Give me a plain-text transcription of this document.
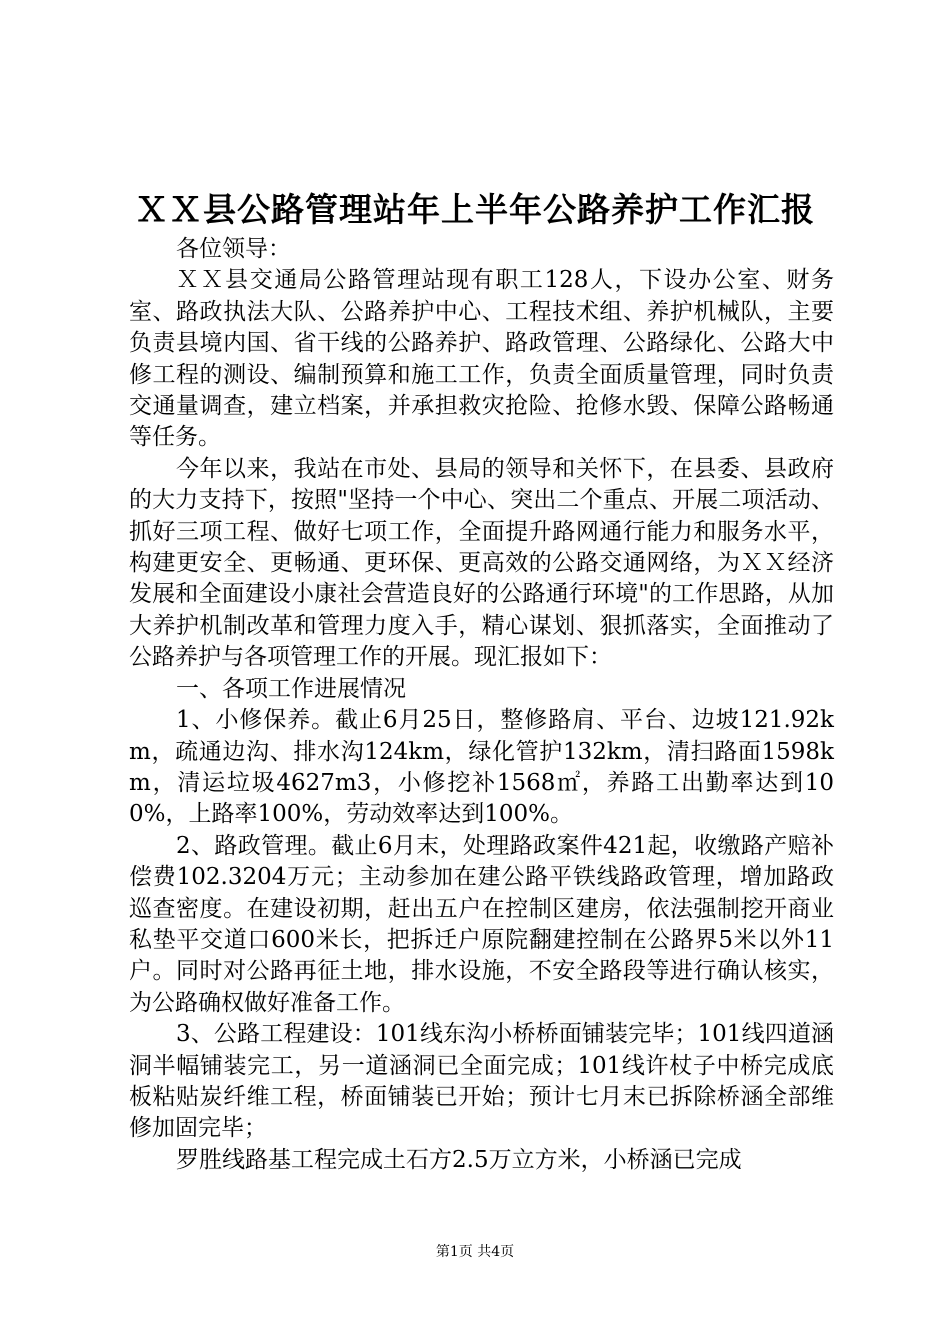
ＸＸ县公路管理站年上半年公路养护工作汇报

各位领导：

ＸＸ县交通局公路管理站现有职工128人，下设办公室、财务室、路政执法大队、公路养护中心、工程技术组、养护机械队，主要负责县境内国、省干线的公路养护、路政管理、公路绿化、公路大中修工程的测设、编制预算和施工工作，负责全面质量管理，同时负责交通量调查，建立档案，并承担救灾抢险、抢修水毁、保障公路畅通等任务。

今年以来，我站在市处、县局的领导和关怀下，在县委、县政府的大力支持下，按照"坚持一个中心、突出二个重点、开展二项活动、抓好三项工程、做好七项工作，全面提升路网通行能力和服务水平，构建更安全、更畅通、更环保、更高效的公路交通网络，为ＸＸ经济发展和全面建设小康社会营造良好的公路通行环境"的工作思路，从加大养护机制改革和管理力度入手，精心谋划、狠抓落实，全面推动了公路养护与各项管理工作的开展。现汇报如下：

一、各项工作进展情况

1、小修保养。截止6月25日，整修路肩、平台、边坡121.92km，疏通边沟、排水沟124km，绿化管护132km，清扫路面1598km，清运垃圾4627m3，小修挖补1568㎡，养路工出勤率达到100%，上路率100%，劳动效率达到100%。

2、路政管理。截止6月末，处理路政案件421起，收缴路产赔补偿费102.3204万元；主动参加在建公路平铁线路政管理，增加路政巡查密度。在建设初期，赶出五户在控制区建房，依法强制挖开商业私垫平交道口600米长，把拆迁户原院翻建控制在公路界5米以外11户。同时对公路再征土地，排水设施，不安全路段等进行确认核实，为公路确权做好准备工作。

3、公路工程建设：101线东沟小桥桥面铺装完毕；101线四道涵洞半幅铺装完工，另一道涵洞已全面完成；101线许杖子中桥完成底板粘贴炭纤维工程，桥面铺装已开始；预计七月末已拆除桥涵全部维修加固完毕；

罗胜线路基工程完成土石方2.5万立方米，小桥涵已完成

第1页 共4页
